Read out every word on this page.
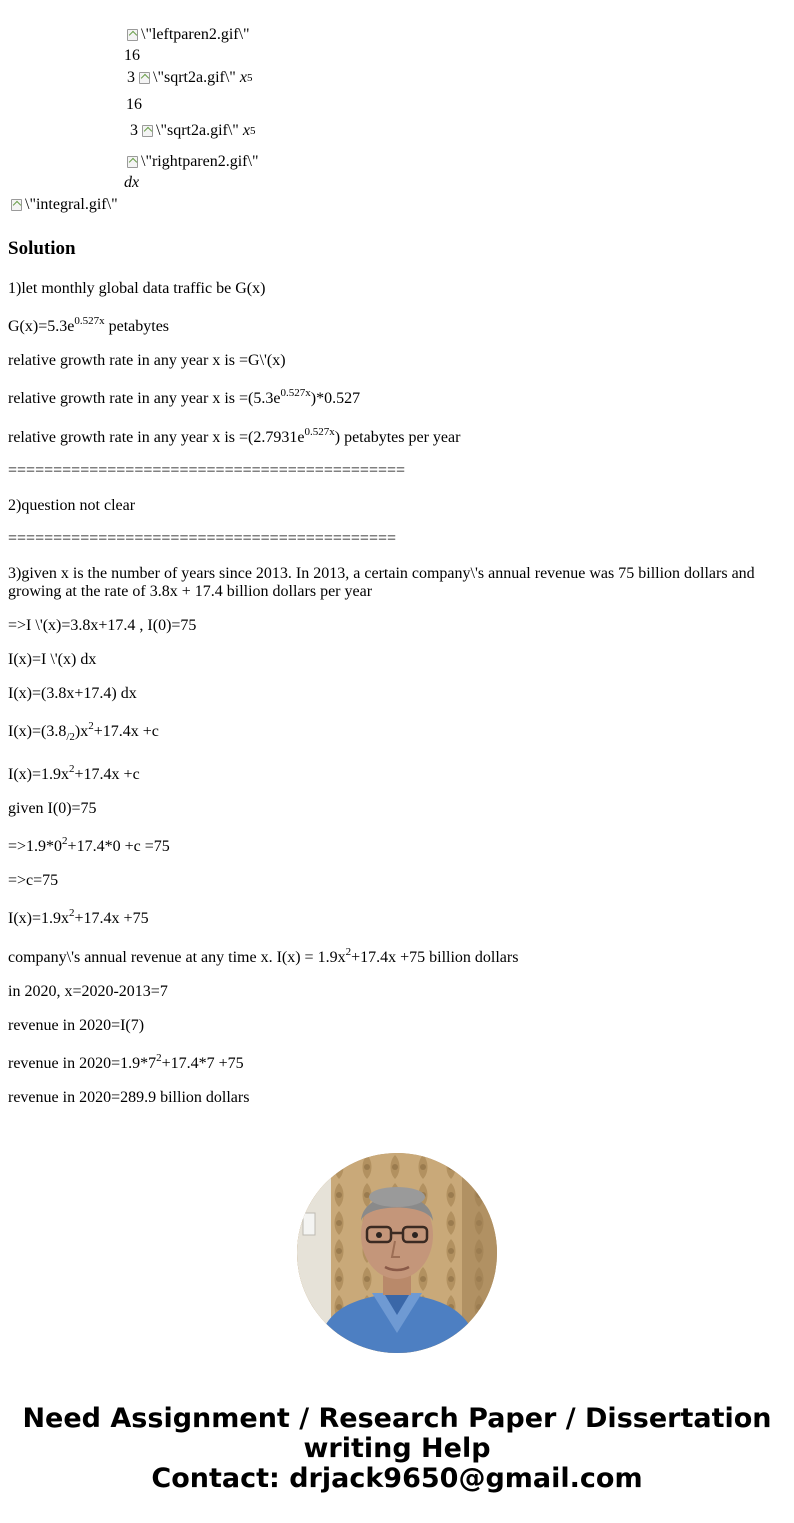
\"leftparen2.gif\"
16
3
\"sqrt2a.gif\"
x 5
16
3
\"sqrt2a.gif\"
x 5
\"rightparen2.gif\"
dx
\"integral.gif\"
Solution
1)let monthly global data traffic be G(x)
$G(x)=5.3e^{0.527x}$ petabytes
relative growth rate in any year x is =G\'(x)
relative growth rate in any year x is $=(5.3e^{0.527x})*0.527$
relative growth rate in any year x is $=(2.7931e^{0.527x})$ petabytes per year
============================================
2)question not clear
===========================================
3)given x is the number of years since 2013. In 2013, a certain company\'s annual revenue was 75 billion dollars and
growing at the rate of 3.8x + 17.4 billion dollars per year
=>I \'(x)=3.8x+17.4 , I(0)=75
I(x)=I \'(x) dx
I(x)=(3.8x+17.4) dx
$I(x)=(3.8_{/2})x^2+17.4x +c$
$I(x)=1.9x^2+17.4x +c$
given I(0)=75
$=>1.9*0^2+17.4*0 +c =75$
=>c=75
$I(x)=1.9x^2+17.4x +75$
company\'s annual revenue at any time x. $I(x) = 1.9x^2+17.4x +75$ billion dollars
in 2020, x=2020-2013=7
revenue in 2020=I(7)
revenue in $2020=1.9*7^2+17.4*7 +75$
revenue in 2020=289.9 billion dollars
Need Assignment / Research Paper / Dissertation
writing Help
Contact: drjack9650@gmail.com
